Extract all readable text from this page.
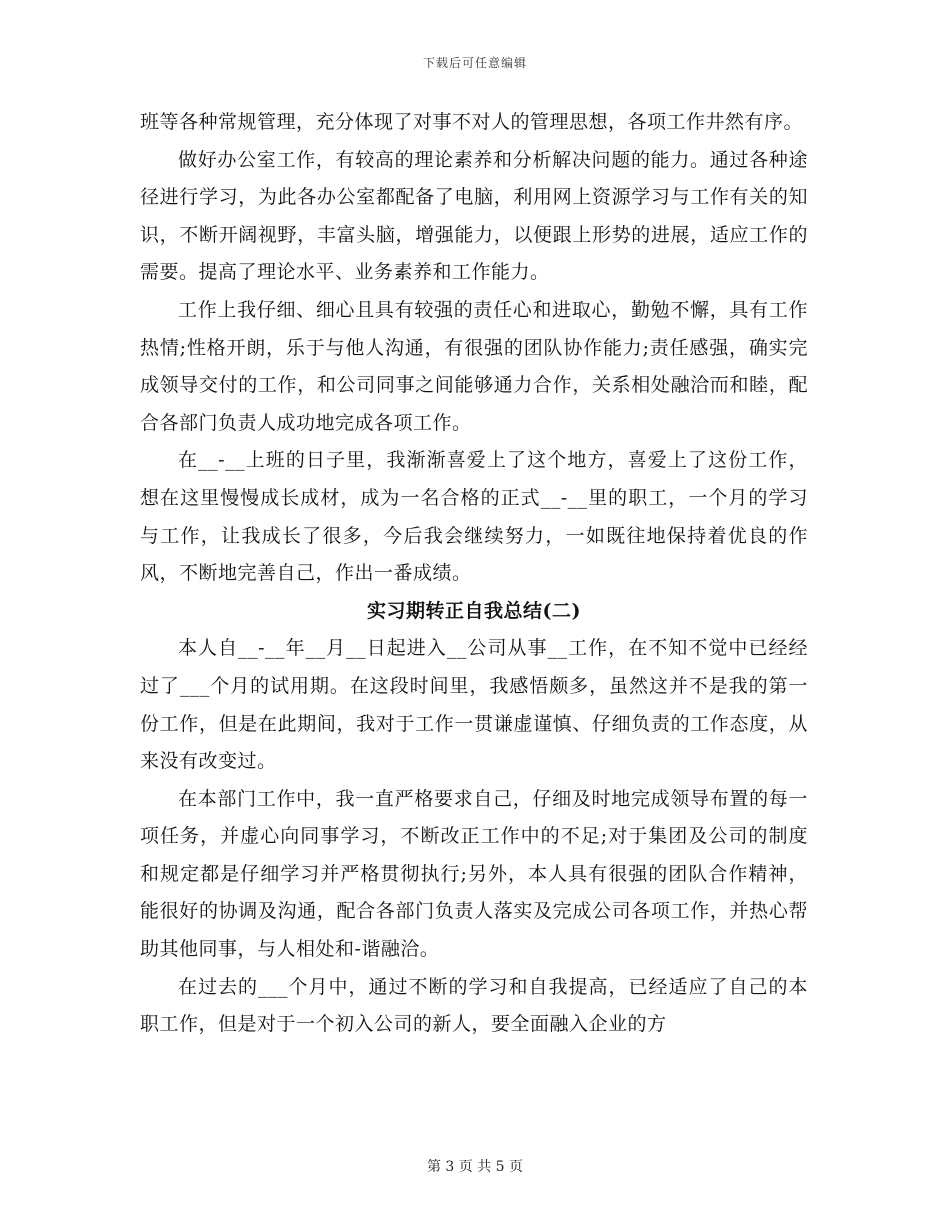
下载后可任意编辑

班等各种常规管理，充分体现了对事不对人的管理思想，各项工作井然有序。

做好办公室工作，有较高的理论素养和分析解决问题的能力。通过各种途径进行学习，为此各办公室都配备了电脑，利用网上资源学习与工作有关的知识，不断开阔视野，丰富头脑，增强能力，以便跟上形势的进展，适应工作的需要。提高了理论水平、业务素养和工作能力。

工作上我仔细、细心且具有较强的责任心和进取心，勤勉不懈，具有工作热情;性格开朗，乐于与他人沟通，有很强的团队协作能力;责任感强，确实完成领导交付的工作，和公司同事之间能够通力合作，关系相处融洽而和睦，配合各部门负责人成功地完成各项工作。

在__-__上班的日子里，我渐渐喜爱上了这个地方，喜爱上了这份工作，想在这里慢慢成长成材，成为一名合格的正式__-__里的职工，一个月的学习与工作，让我成长了很多，今后我会继续努力，一如既往地保持着优良的作风，不断地完善自己，作出一番成绩。

实习期转正自我总结(二)

本人自__-__年__月__日起进入__公司从事__工作，在不知不觉中已经经过了___个月的试用期。在这段时间里，我感悟颇多，虽然这并不是我的第一份工作，但是在此期间，我对于工作一贯谦虚谨慎、仔细负责的工作态度，从来没有改变过。

在本部门工作中，我一直严格要求自己，仔细及时地完成领导布置的每一项任务，并虚心向同事学习，不断改正工作中的不足;对于集团及公司的制度和规定都是仔细学习并严格贯彻执行;另外，本人具有很强的团队合作精神，能很好的协调及沟通，配合各部门负责人落实及完成公司各项工作，并热心帮助其他同事，与人相处和-谐融洽。

在过去的___个月中，通过不断的学习和自我提高，已经适应了自己的本职工作，但是对于一个初入公司的新人，要全面融入企业的方

第 3 页 共 5 页
